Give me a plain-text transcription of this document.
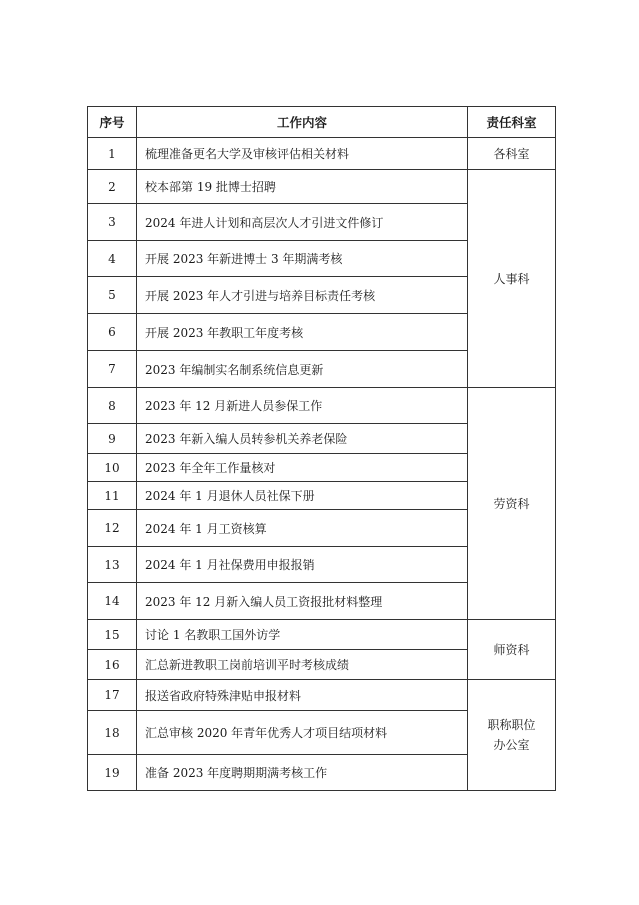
序号	工作内容	责任科室
1	梳理准备更名大学及审核评估相关材料	各科室
2	校本部第 19 批博士招聘	人事科
3	2024 年进人计划和高层次人才引进文件修订	
4	开展 2023 年新进博士 3 年期满考核	
5	开展 2023 年人才引进与培养目标责任考核	
6	开展 2023 年教职工年度考核	
7	2023 年编制实名制系统信息更新	
8	2023 年 12 月新进人员参保工作	劳资科
9	2023 年新入编人员转参机关养老保险	
10	2023 年全年工作量核对	
11	2024 年 1 月退休人员社保下册	
12	2024 年 1 月工资核算	
13	2024 年 1 月社保费用申报报销	
14	2023 年 12 月新入编人员工资报批材料整理	
15	讨论 1 名教职工国外访学	师资科
16	汇总新进教职工岗前培训平时考核成绩	
17	报送省政府特殊津贴申报材料	职称职位
办公室

18	汇总审核 2020 年青年优秀人才项目结项材料	
19	准备 2023 年度聘期期满考核工作	
